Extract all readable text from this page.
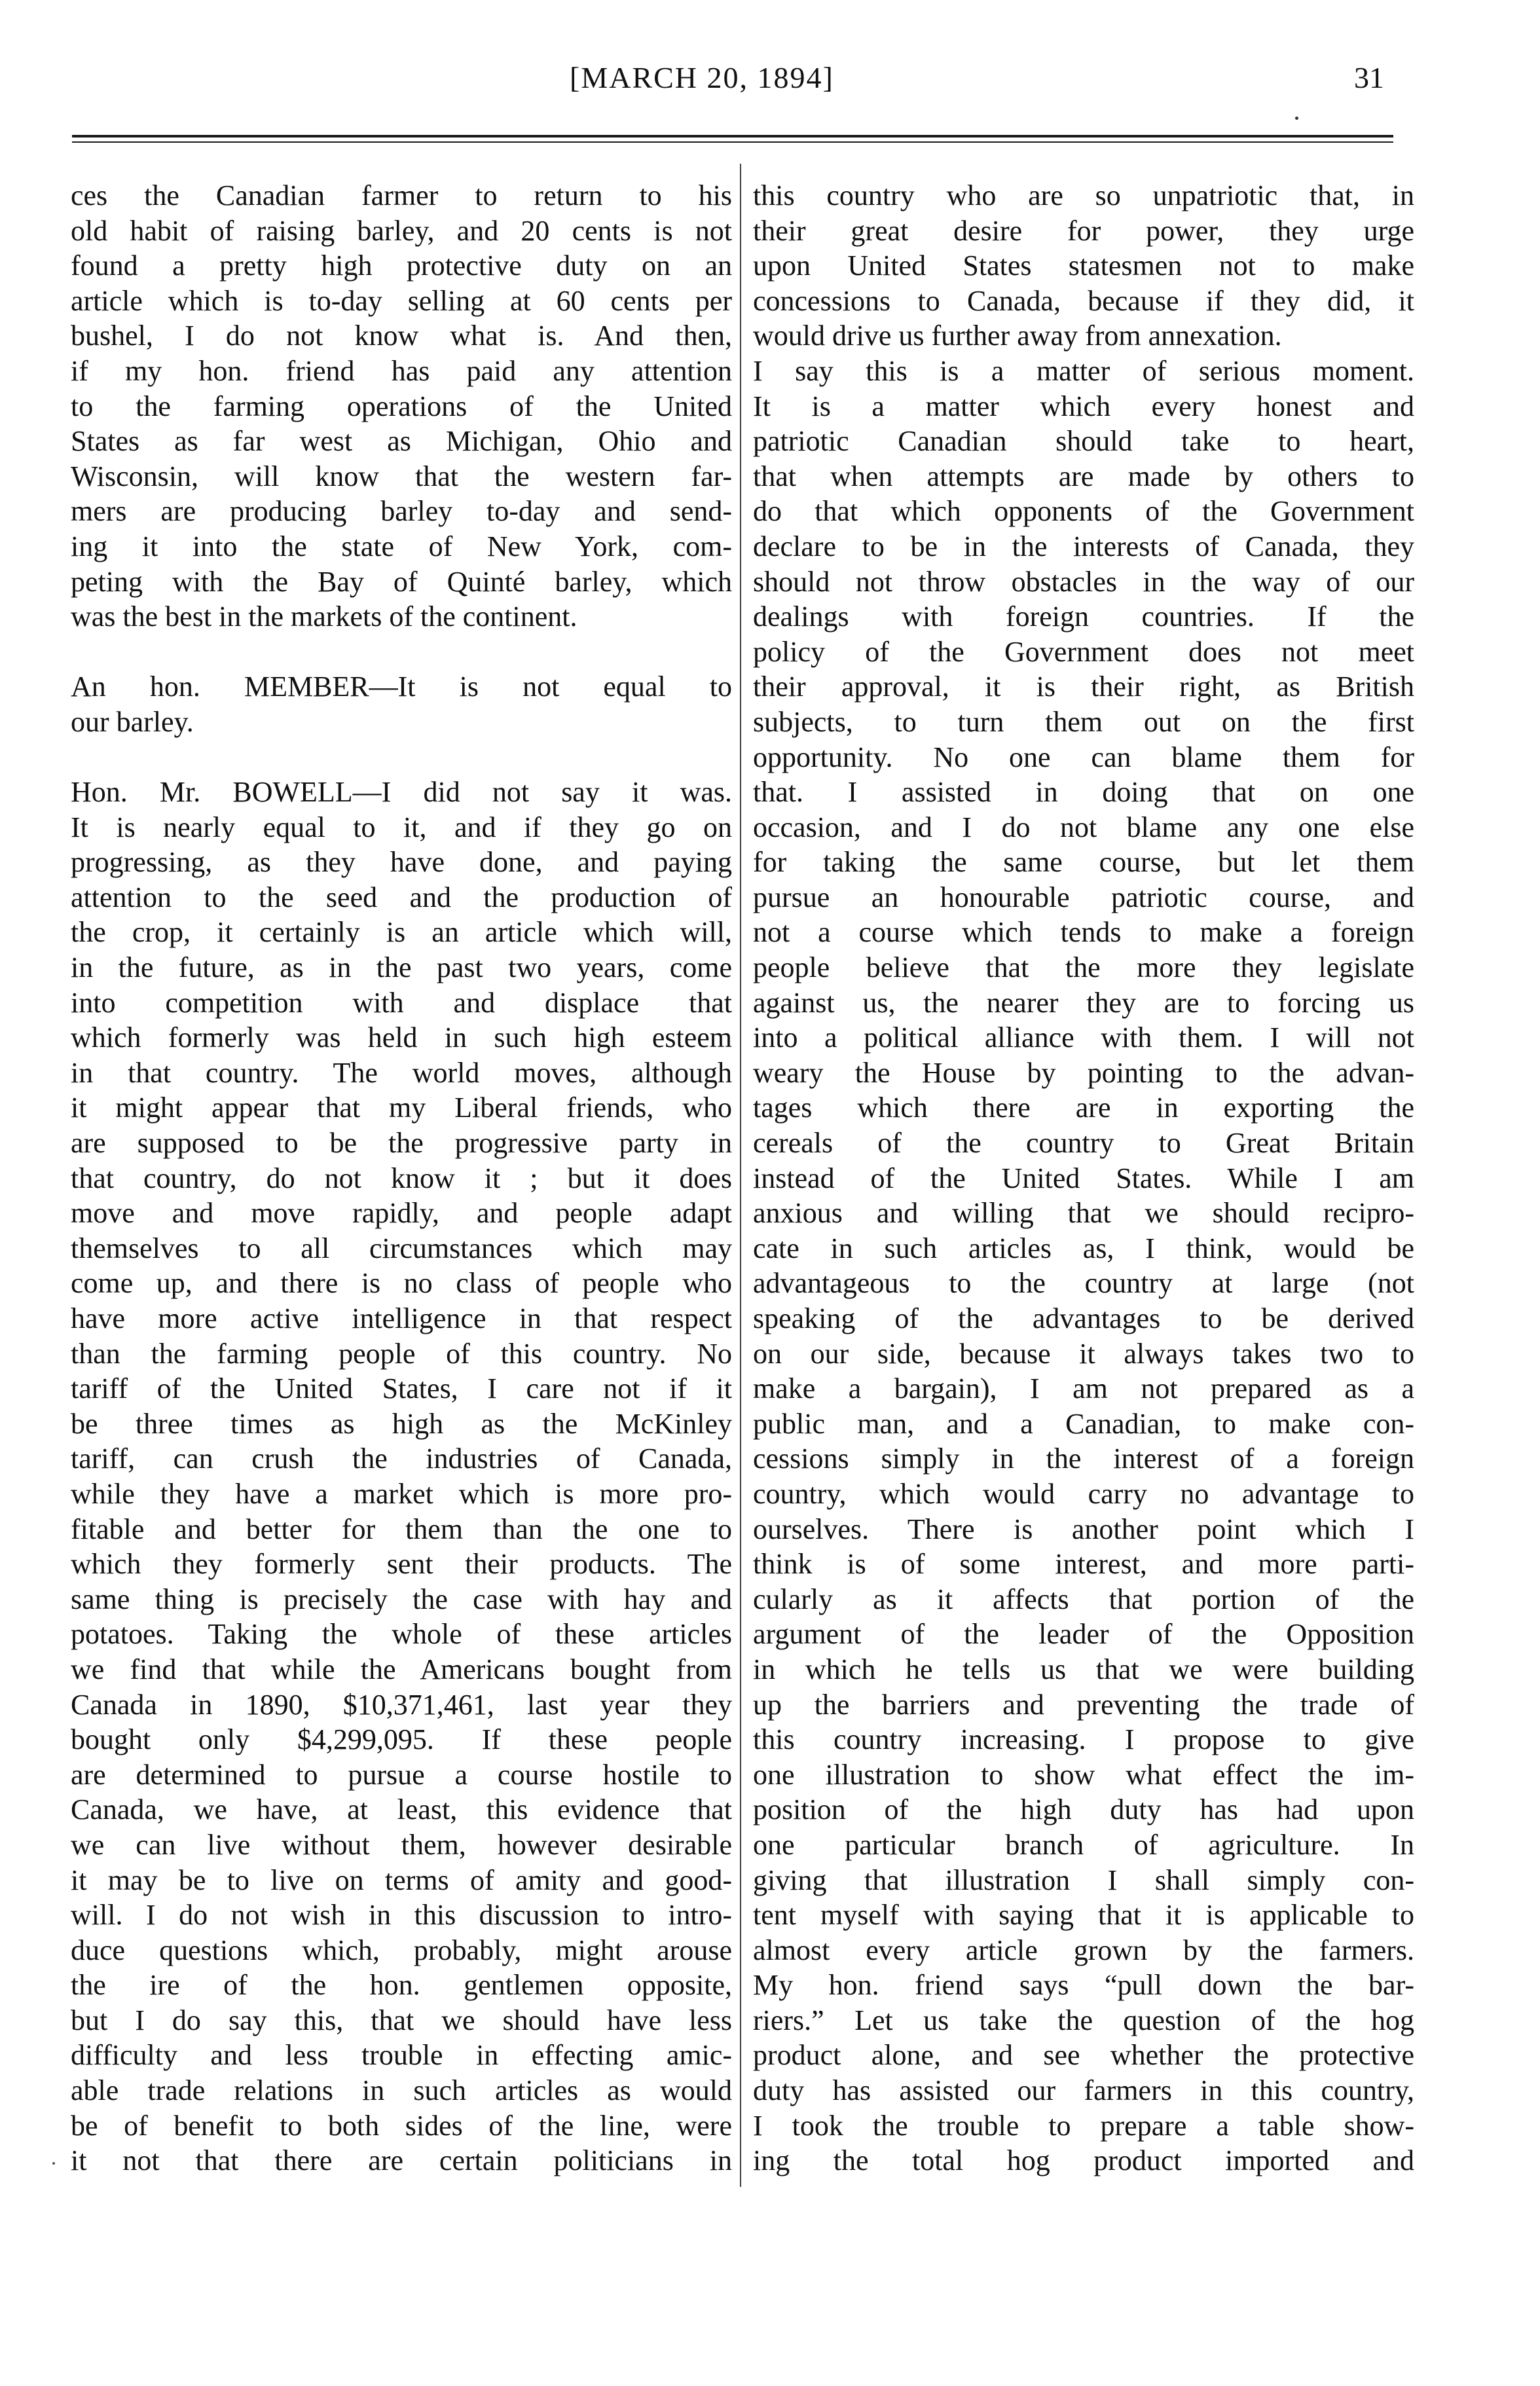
[MARCH 20, 1894]	31
ces the Canadian farmer to return to his
old habit of raising barley, and 20 cents is not
found a pretty high protective duty on an
article which is to-day selling at 60 cents per
bushel, I do not know what is. And then,
if my hon. friend has paid any attention
to the farming operations of the United
States as far west as Michigan, Ohio and
Wisconsin, will know that the western far-
mers are producing barley to-day and send-
ing it into the state of New York, com-
peting with the Bay of Quinté barley, which
was the best in the markets of the continent.
An hon. MEMBER—It is not equal to
our barley.
Hon. Mr. BOWELL—I did not say it was.
It is nearly equal to it, and if they go on
progressing, as they have done, and paying
attention to the seed and the production of
the crop, it certainly is an article which will,
in the future, as in the past two years, come
into competition with and displace that
which formerly was held in such high esteem
in that country. The world moves, although
it might appear that my Liberal friends, who
are supposed to be the progressive party in
that country, do not know it ; but it does
move and move rapidly, and people adapt
themselves to all circumstances which may
come up, and there is no class of people who
have more active intelligence in that respect
than the farming people of this country. No
tariff of the United States, I care not if it
be three times as high as the McKinley
tariff, can crush the industries of Canada,
while they have a market which is more pro-
fitable and better for them than the one to
which they formerly sent their products. The
same thing is precisely the case with hay and
potatoes. Taking the whole of these articles
we find that while the Americans bought from
Canada in 1890, $10,371,461, last year they
bought only $4,299,095. If these people
are determined to pursue a course hostile to
Canada, we have, at least, this evidence that
we can live without them, however desirable
it may be to live on terms of amity and good-
will. I do not wish in this discussion to intro-
duce questions which, probably, might arouse
the ire of the hon. gentlemen opposite,
but I do say this, that we should have less
difficulty and less trouble in effecting amic-
able trade relations in such articles as would
be of benefit to both sides of the line, were
it not that there are certain politicians in
this country who are so unpatriotic that, in
their great desire for power, they urge
upon United States statesmen not to make
concessions to Canada, because if they did, it
would drive us further away from annexation.
I say this is a matter of serious moment.
It is a matter which every honest and
patriotic Canadian should take to heart,
that when attempts are made by others to
do that which opponents of the Government
declare to be in the interests of Canada, they
should not throw obstacles in the way of our
dealings with foreign countries. If the
policy of the Government does not meet
their approval, it is their right, as British
subjects, to turn them out on the first
opportunity. No one can blame them for
that. I assisted in doing that on one
occasion, and I do not blame any one else
for taking the same course, but let them
pursue an honourable patriotic course, and
not a course which tends to make a foreign
people believe that the more they legislate
against us, the nearer they are to forcing us
into a political alliance with them. I will not
weary the House by pointing to the advan-
tages which there are in exporting the
cereals of the country to Great Britain
instead of the United States. While I am
anxious and willing that we should recipro-
cate in such articles as, I think, would be
advantageous to the country at large (not
speaking of the advantages to be derived
on our side, because it always takes two to
make a bargain), I am not prepared as a
public man, and a Canadian, to make con-
cessions simply in the interest of a foreign
country, which would carry no advantage to
ourselves. There is another point which I
think is of some interest, and more parti-
cularly as it affects that portion of the
argument of the leader of the Opposition
in which he tells us that we were building
up the barriers and preventing the trade of
this country increasing. I propose to give
one illustration to show what effect the im-
position of the high duty has had upon
one particular branch of agriculture. In
giving that illustration I shall simply con-
tent myself with saying that it is applicable to
almost every article grown by the farmers.
My hon. friend says “pull down the bar-
riers.” Let us take the question of the hog
product alone, and see whether the protective
duty has assisted our farmers in this country,
I took the trouble to prepare a table show-
ing the total hog product imported and
